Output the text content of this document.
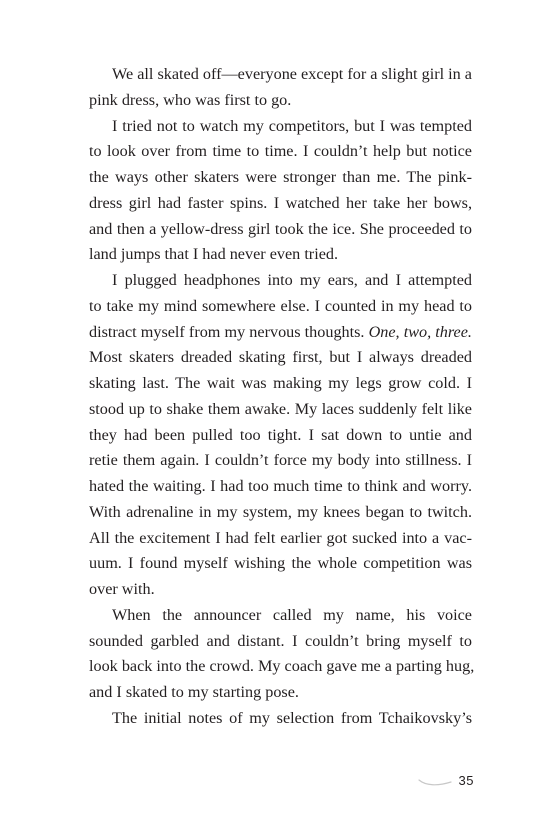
We all skated off—everyone except for a slight girl in a
pink dress, who was first to go.
I tried not to watch my competitors, but I was tempted
to look over from time to time. I couldn’t help but notice
the ways other skaters were stronger than me. The pink-
dress girl had faster spins. I watched her take her bows,
and then a yellow-dress girl took the ice. She proceeded to
land jumps that I had never even tried.
I plugged headphones into my ears, and I attempted
to take my mind somewhere else. I counted in my head to
distract myself from my nervous thoughts. One, two, three.
Most skaters dreaded skating first, but I always dreaded
skating last. The wait was making my legs grow cold. I
stood up to shake them awake. My laces suddenly felt like
they had been pulled too tight. I sat down to untie and
retie them again. I couldn’t force my body into stillness. I
hated the waiting. I had too much time to think and worry.
With adrenaline in my system, my knees began to twitch.
All the excitement I had felt earlier got sucked into a vac-
uum. I found myself wishing the whole competition was
over with.
When the announcer called my name, his voice
sounded garbled and distant. I couldn’t bring myself to
look back into the crowd. My coach gave me a parting hug,
and I skated to my starting pose.
The initial notes of my selection from Tchaikovsky’s
35
